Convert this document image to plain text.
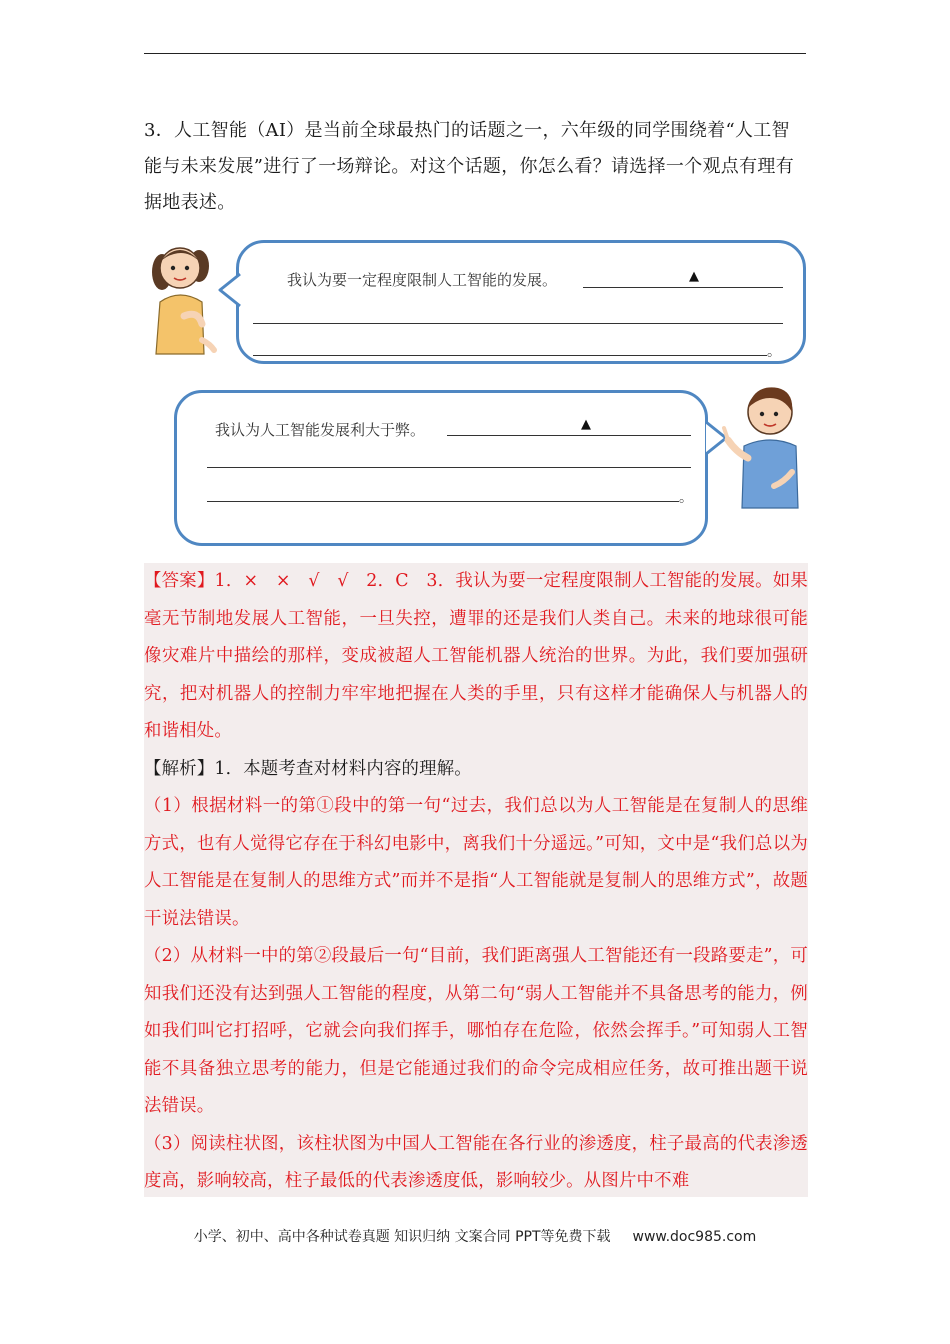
3．人工智能（AI）是当前全球最热门的话题之一，六年级的同学围绕着“人工智能与未来发展”进行了一场辩论。对这个话题，你怎么看？请选择一个观点有理有据地表述。

我认为要一定程度限制人工智能的发展。	▲
。
我认为人工智能发展利大于弊。	▲
。

【答案】1．×　×　√　√　2．C　3．我认为要一定程度限制人工智能的发展。如果毫无节制地发展人工智能，一旦失控，遭罪的还是我们人类自己。未来的地球很可能像灾难片中描绘的那样，变成被超人工智能机器人统治的世界。为此，我们要加强研究，把对机器人的控制力牢牢地把握在人类的手里，只有这样才能确保人与机器人的和谐相处。

【解析】1．本题考查对材料内容的理解。

（1）根据材料一的第①段中的第一句“过去，我们总以为人工智能是在复制人的思维方式，也有人觉得它存在于科幻电影中，离我们十分遥远。”可知，文中是“我们总以为人工智能是在复制人的思维方式”而并不是指“人工智能就是复制人的思维方式”，故题干说法错误。

（2）从材料一中的第②段最后一句“目前，我们距离强人工智能还有一段路要走”，可知我们还没有达到强人工智能的程度，从第二句“弱人工智能并不具备思考的能力，例如我们叫它打招呼，它就会向我们挥手，哪怕存在危险，依然会挥手。”可知弱人工智能不具备独立思考的能力，但是它能通过我们的命令完成相应任务，故可推出题干说法错误。

（3）阅读柱状图，该柱状图为中国人工智能在各行业的渗透度，柱子最高的代表渗透度高，影响较高，柱子最低的代表渗透度低，影响较少。从图片中不难

小学、初中、高中各种试卷真题 知识归纳 文案合同 PPT等免费下载 www.doc985.com
